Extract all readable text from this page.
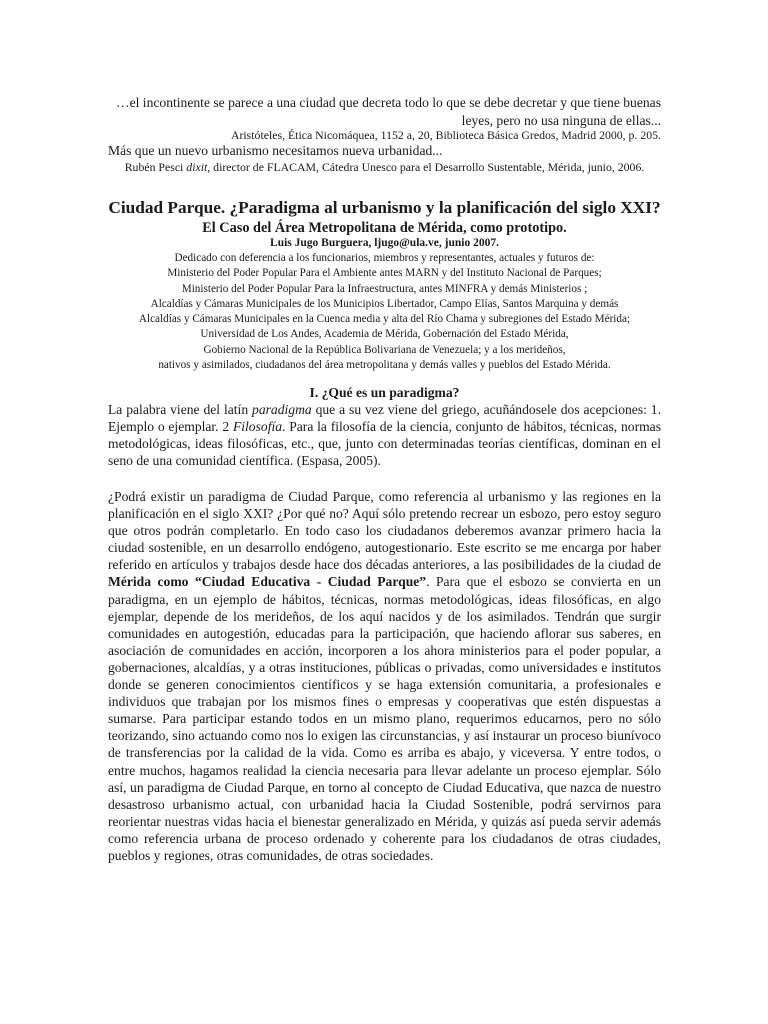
…el incontinente se parece a una ciudad que decreta todo lo que se debe decretar y que tiene buenas leyes, pero no usa ninguna de ellas...

Aristóteles, Ética Nicomáquea, 1152 a, 20, Biblioteca Básica Gredos, Madrid 2000, p. 205.

Más que un nuevo urbanismo necesitamos nueva urbanidad...

Rubén Pesci dixit, director de FLACAM, Cátedra Unesco para el Desarrollo Sustentable, Mérida, junio, 2006.

Ciudad Parque. ¿Paradigma al urbanismo y la planificación del siglo XXI?
El Caso del Área Metropolitana de Mérida, como prototipo.

Luis Jugo Burguera, ljugo@ula.ve, junio 2007.

Dedicado con deferencia a los funcionarios, miembros y representantes, actuales y futuros de:
Ministerio del Poder Popular Para el Ambiente antes MARN y del Instituto Nacional de Parques;
Ministerio del Poder Popular Para la Infraestructura, antes MINFRA y demás Ministerios ;
Alcaldías y Cámaras Municipales de los Municipios Libertador, Campo Elías, Santos Marquina y demás
Alcaldías y Cámaras Municipales en la Cuenca media y alta del Río Chama y subregiones del Estado Mérida;
Universidad de Los Andes, Academia de Mérida, Gobernación del Estado Mérida,
Gobierno Nacional de la República Bolivariana de Venezuela; y a los merideños,
nativos y asimilados, ciudadanos del área metropolitana y demás valles y pueblos del Estado Mérida.
I. ¿Qué es un paradigma?

La palabra viene del latín paradigma que a su vez viene del griego, acuñándosele dos acepciones: 1. Ejemplo o ejemplar. 2 Filosofía. Para la filosofía de la ciencia, conjunto de hábitos, técnicas, normas metodológicas, ideas filosóficas, etc., que, junto con determinadas teorías científicas, dominan en el seno de una comunidad científica. (Espasa, 2005).

¿Podrá existir un paradigma de Ciudad Parque, como referencia al urbanismo y las regiones en la planificación en el siglo XXI? ¿Por qué no? Aquí sólo pretendo recrear un esbozo, pero estoy seguro que otros podrán completarlo. En todo caso los ciudadanos deberemos avanzar primero hacia la ciudad sostenible, en un desarrollo endógeno, autogestionario. Este escrito se me encarga por haber referido en artículos y trabajos desde hace dos décadas anteriores, a las posibilidades de la ciudad de Mérida como “Ciudad Educativa - Ciudad Parque”. Para que el esbozo se convierta en un paradigma, en un ejemplo de hábitos, técnicas, normas metodológicas, ideas filosóficas, en algo ejemplar, depende de los merideños, de los aquí nacidos y de los asimilados. Tendrán que surgir comunidades en autogestión, educadas para la participación, que haciendo aflorar sus saberes, en asociación de comunidades en acción, incorporen a los ahora ministerios para el poder popular, a gobernaciones, alcaldías, y a otras instituciones, públicas o privadas, como universidades e institutos donde se generen conocimientos científicos y se haga extensión comunitaria, a profesionales e individuos que trabajan por los mismos fines o empresas y cooperativas que estén dispuestas a sumarse. Para participar estando todos en un mismo plano, requerimos educarnos, pero no sólo teorizando, sino actuando como nos lo exigen las circunstancias, y así instaurar un proceso biunívoco de transferencias por la calidad de la vida. Como es arriba es abajo, y viceversa. Y entre todos, o entre muchos, hagamos realidad la ciencia necesaria para llevar adelante un proceso ejemplar. Sólo así, un paradigma de Ciudad Parque, en torno al concepto de Ciudad Educativa, que nazca de nuestro desastroso urbanismo actual, con urbanidad hacia la Ciudad Sostenible, podrá servirnos para reorientar nuestras vidas hacia el bienestar generalizado en Mérida, y quizás así pueda servir además como referencia urbana de proceso ordenado y coherente para los ciudadanos de otras ciudades, pueblos y regiones, otras comunidades, de otras sociedades.
